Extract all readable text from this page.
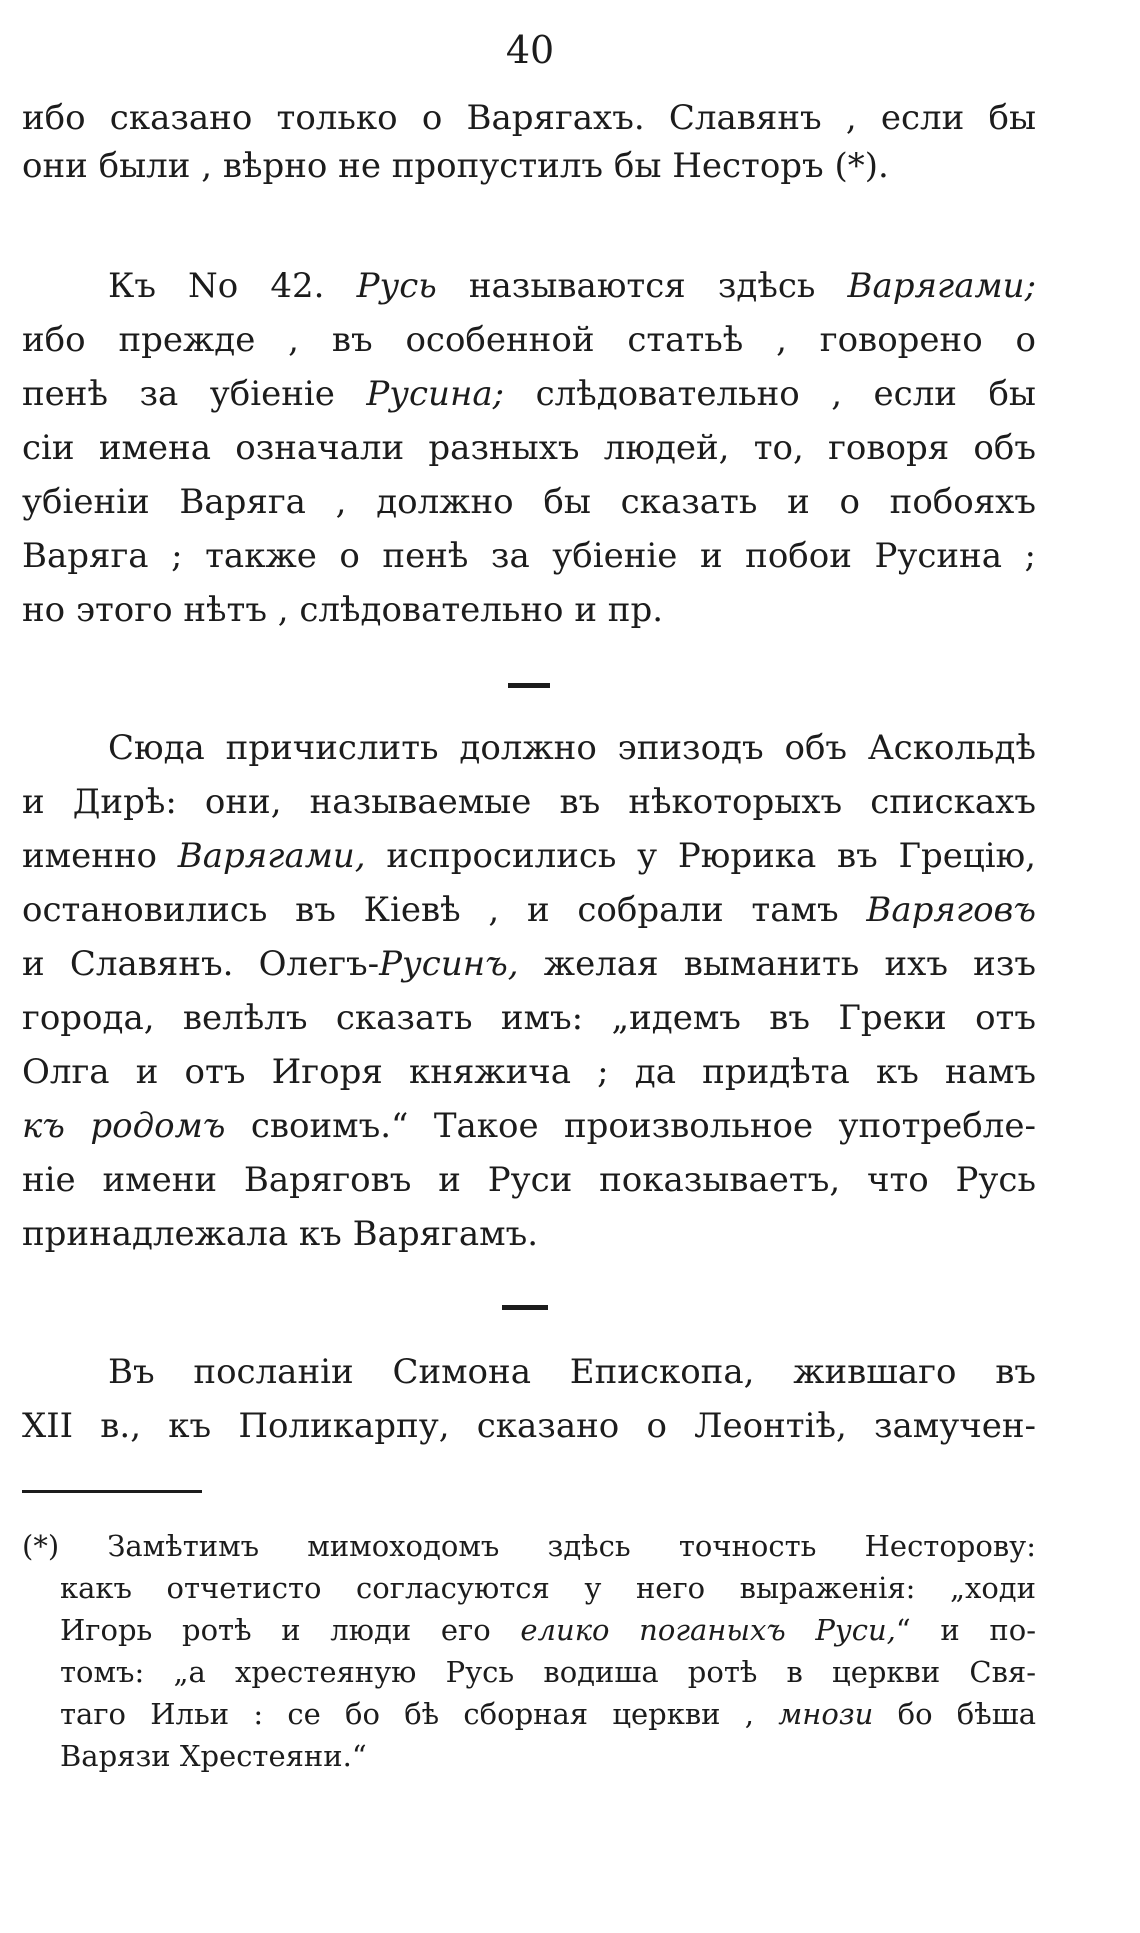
40
ибо сказано только о Варягахъ. Славянъ , если бы
они были , вѣрно не пропустилъ бы Несторъ (*).
Къ No 42. Русь называются здѣсь Варягами;
ибо прежде , въ особенной статьѣ , говорено о
пенѣ за убіеніе Русина; слѣдовательно , если бы
сіи имена означали разныхъ людей, то, говоря объ
убіеніи Варяга , должно бы сказать и о побояхъ
Варяга ; также о пенѣ за убіеніе и побои Русина ;
но этого нѣтъ , слѣдовательно и пр.
Сюда причислить должно эпизодъ объ Аскольдѣ
и Дирѣ: они, называемые въ нѣкоторыхъ спискахъ
именно Варягами, испросились у Рюрика въ Грецію,
остановились въ Кіевѣ , и собрали тамъ Варяговъ
и Славянъ. Олегъ-Русинъ, желая выманить ихъ изъ
города, велѣлъ сказать имъ: „идемъ въ Греки отъ
Олга и отъ Игоря княжича ; да придѣта къ намъ
къ родомъ своимъ.“ Такое произвольное употребле-
ніе имени Варяговъ и Руси показываетъ, что Русь
принадлежала къ Варягамъ.
Въ посланіи Симона Епископа, жившаго въ
XII в., къ Поликарпу, сказано о Леонтіѣ, замучен-
(*) Замѣтимъ мимоходомъ здѣсь точность Несторову:
какъ отчетисто согласуются у него выраженія: „ходи
Игорь ротѣ и люди его елико поганыхъ Руси,“ и по-
томъ: „а хрестеяную Русь водиша ротѣ в церкви Свя-
таго Ильи : се бо бѣ сборная церкви , мнози бо бѣша
Варязи Хрестеяни.“
